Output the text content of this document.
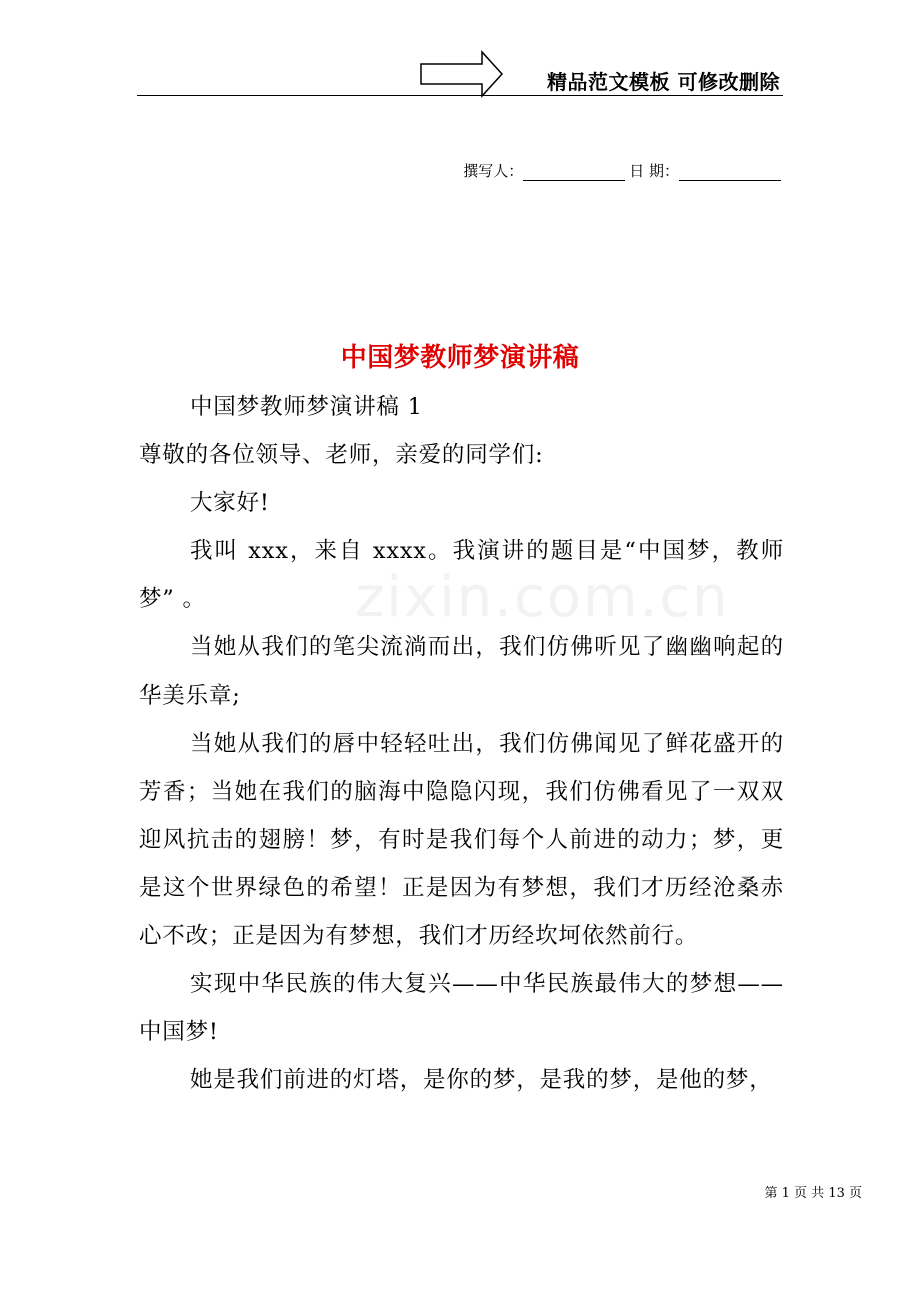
精品范文模板 可修改删除
撰写人：	日 期：
zixin.com.cn
中国梦教师梦演讲稿

中国梦教师梦演讲稿 1

尊敬的各位领导、老师，亲爱的同学们:

大家好!

我叫 xxx，来自 xxxx。我演讲的题目是“中国梦，教师梦” 。

当她从我们的笔尖流淌而出，我们仿佛听见了幽幽响起的华美乐章;

当她从我们的唇中轻轻吐出，我们仿佛闻见了鲜花盛开的芳香；当她在我们的脑海中隐隐闪现，我们仿佛看见了一双双迎风抗击的翅膀！梦，有时是我们每个人前进的动力；梦，更是这个世界绿色的希望！正是因为有梦想，我们才历经沧桑赤心不改；正是因为有梦想，我们才历经坎坷依然前行。

实现中华民族的伟大复兴——中华民族最伟大的梦想——中国梦!

她是我们前进的灯塔，是你的梦，是我的梦，是他的梦，

第 1 页 共 13 页
